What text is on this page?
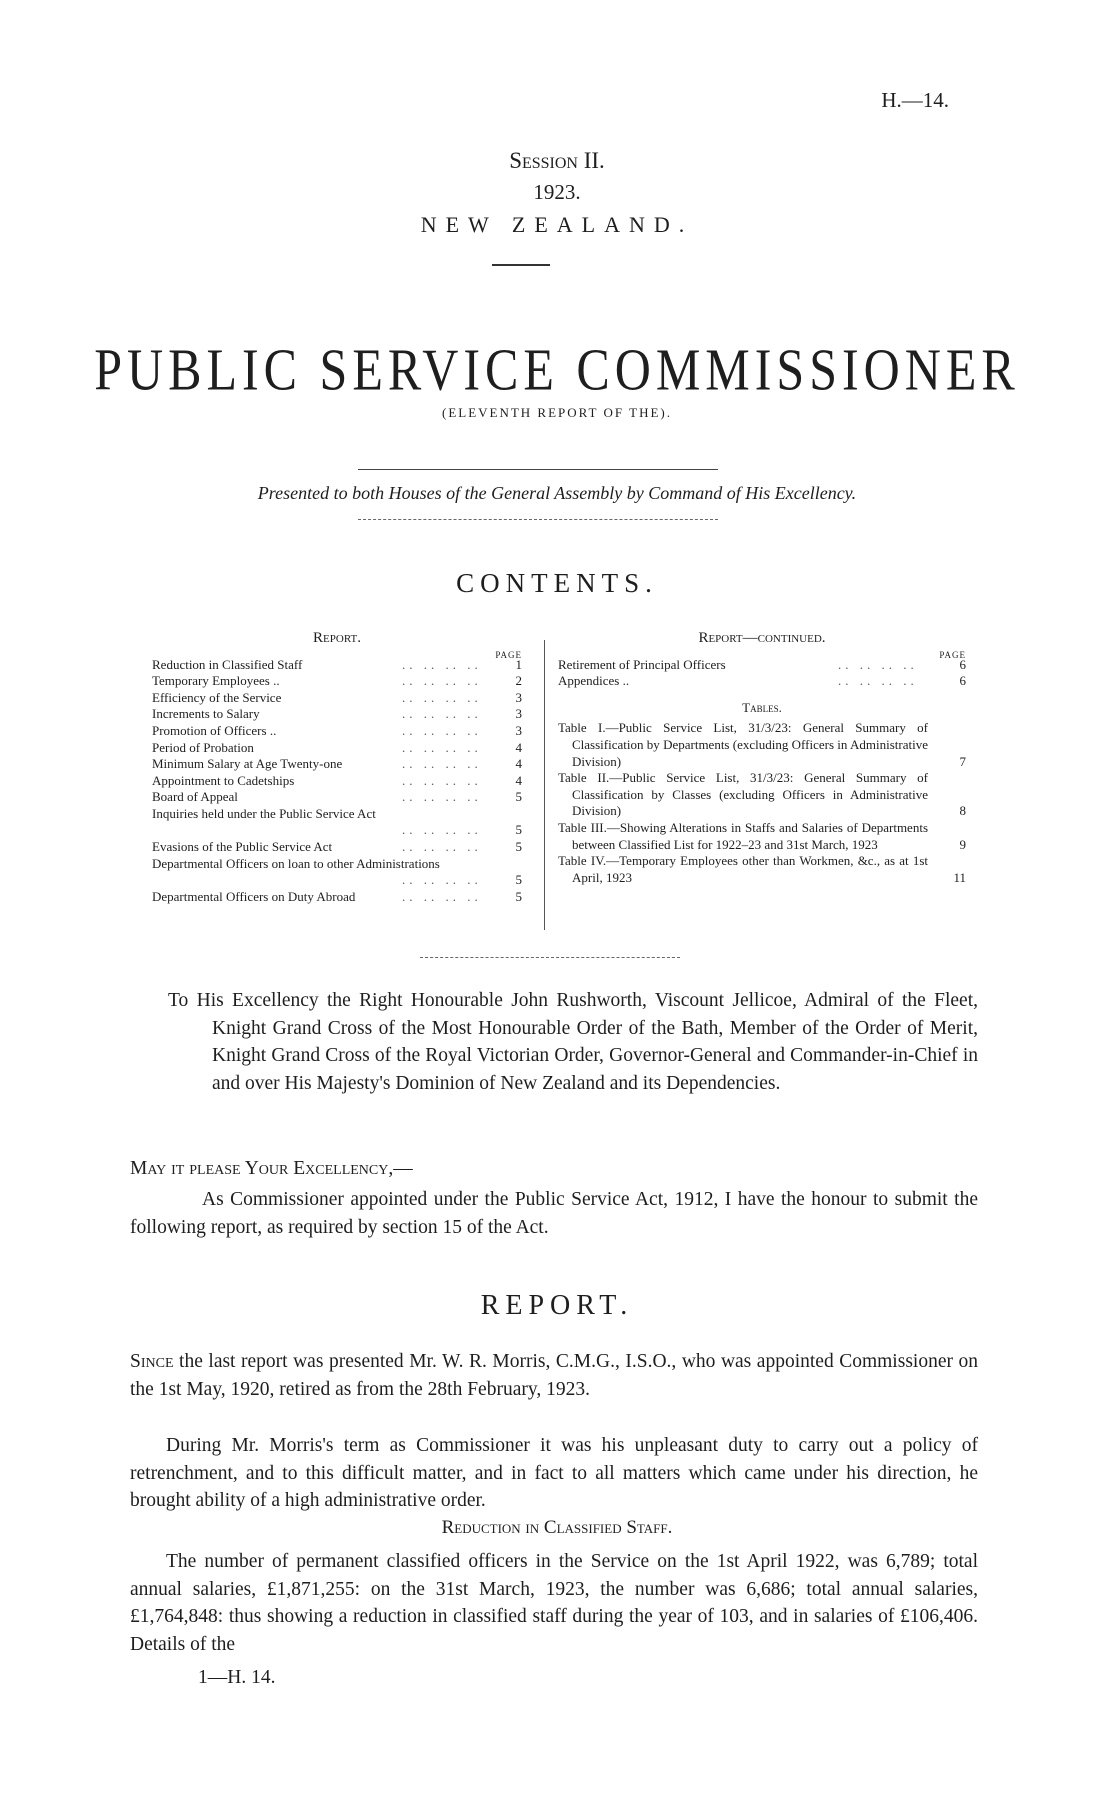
H.—14.
Session II.
1923.
NEW ZEALAND.
PUBLIC SERVICE COMMISSIONER
(ELEVENTH REPORT OF THE).
Presented to both Houses of the General Assembly by Command of His Excellency.
CONTENTS.
Report.
PAGE
Reduction in Classified Staff	.. .. .. ..	1
Temporary Employees ..	.. .. .. ..	2
Efficiency of the Service	.. .. .. ..	3
Increments to Salary	.. .. .. ..	3
Promotion of Officers ..	.. .. .. ..	3
Period of Probation	.. .. .. ..	4
Minimum Salary at Age Twenty-one	.. .. .. ..	4
Appointment to Cadetships	.. .. .. ..	4
Board of Appeal	.. .. .. ..	5
Inquiries held under the Public Service Act
.. .. .. ..	5
Evasions of the Public Service Act	.. .. .. ..	5
Departmental Officers on loan to other Administrations
.. .. .. ..	5
Departmental Officers on Duty Abroad	.. .. .. ..	5
Report—continued.
PAGE
Retirement of Principal Officers	.. .. .. ..	6
Appendices ..	.. .. .. ..	6
Tables.
Table I.—Public Service List, 31/3/23: General Summary of Classification by Departments (excluding Officers in Administrative Division)	7
Table II.—Public Service List, 31/3/23: General Summary of Classification by Classes (excluding Officers in Administrative Division)	8
Table III.—Showing Alterations in Staffs and Salaries of Departments between Classified List for 1922–23 and 31st March, 1923	9
Table IV.—Temporary Employees other than Workmen, &c., as at 1st April, 1923	11

To His Excellency the Right Honourable John Rushworth, Viscount Jellicoe, Admiral of the Fleet, Knight Grand Cross of the Most Honourable Order of the Bath, Member of the Order of Merit, Knight Grand Cross of the Royal Victorian Order, Governor-General and Commander-in-Chief in and over His Majesty's Dominion of New Zealand and its Dependencies.

May it please Your Excellency,—
As Commissioner appointed under the Public Service Act, 1912, I have the honour to submit the following report, as required by section 15 of the Act.
REPORT.

Since the last report was presented Mr. W. R. Morris, C.M.G., I.S.O., who was appointed Commissioner on the 1st May, 1920, retired as from the 28th February, 1923.

During Mr. Morris's term as Commissioner it was his unpleasant duty to carry out a policy of retrenchment, and to this difficult matter, and in fact to all matters which came under his direction, he brought ability of a high administrative order.
Reduction in Classified Staff.
The number of permanent classified officers in the Service on the 1st April 1922, was 6,789; total annual salaries, £1,871,255: on the 31st March, 1923, the number was 6,686; total annual salaries, £1,764,848: thus showing a reduction in classified staff during the year of 103, and in salaries of £106,406. Details of the
1—H. 14.
